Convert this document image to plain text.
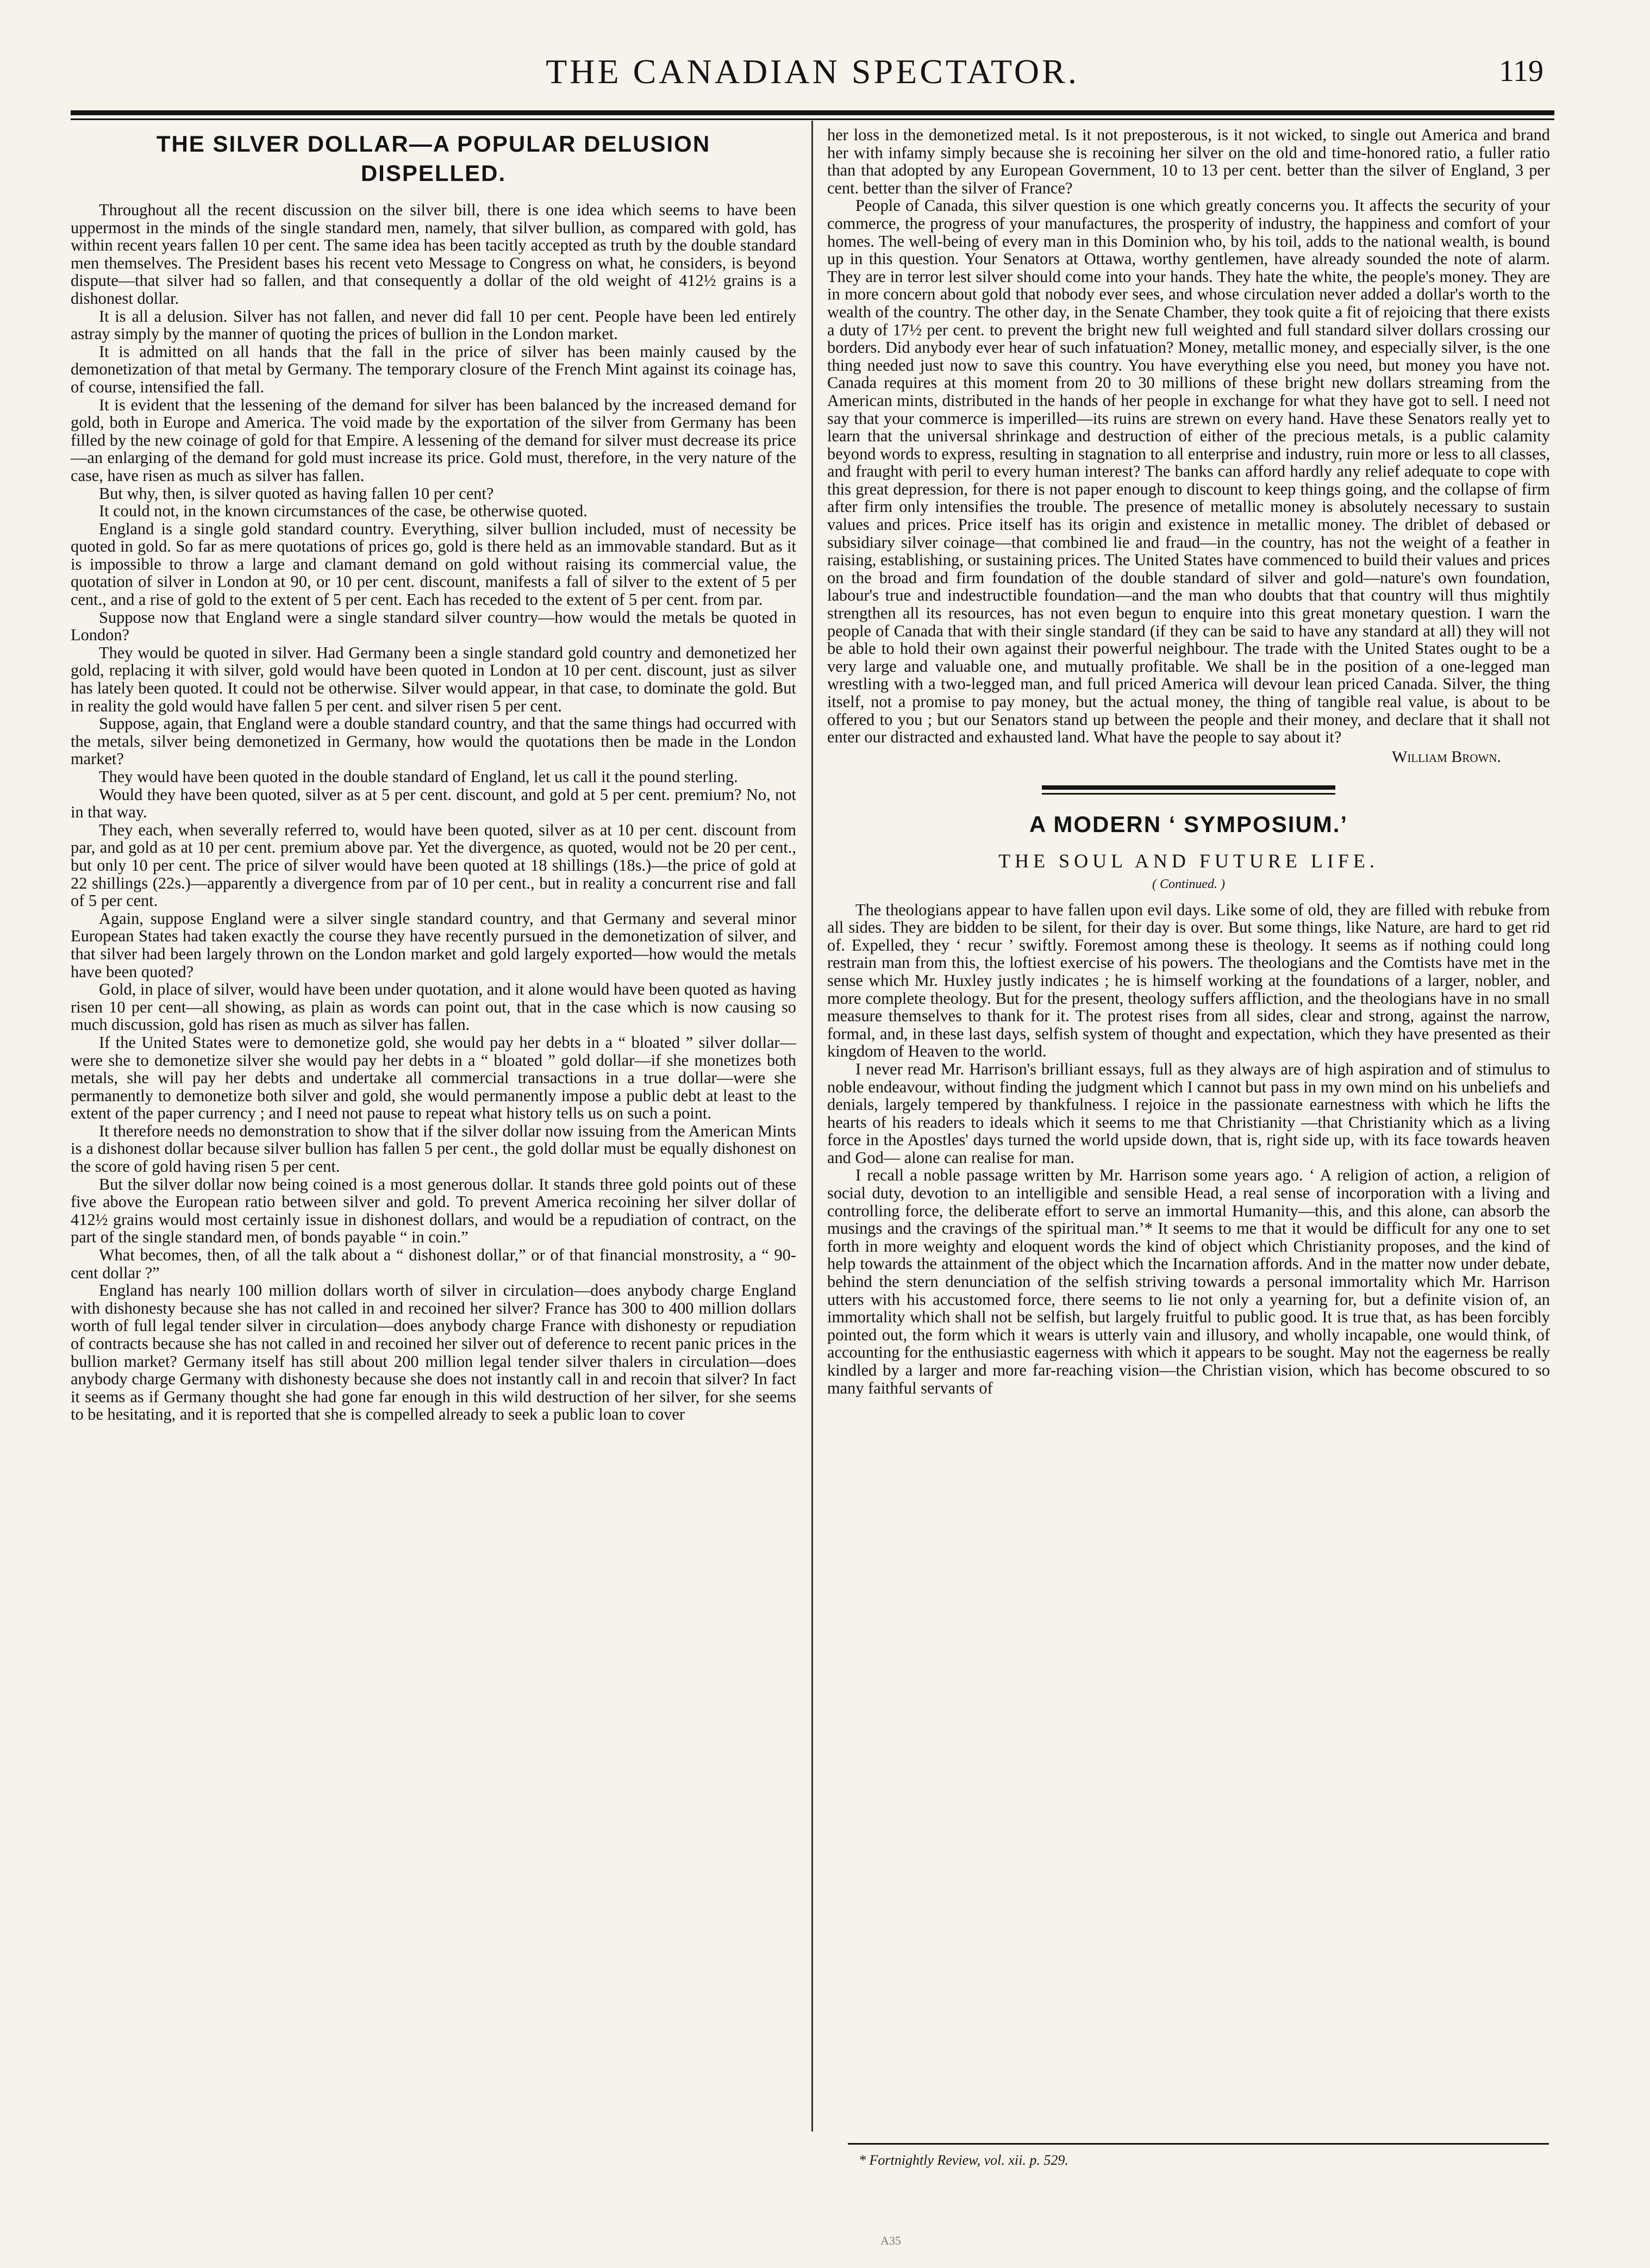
THE CANADIAN SPECTATOR.	119
THE SILVER DOLLAR—A POPULAR DELUSION DISPELLED.

Throughout all the recent discussion on the silver bill, there is one idea which seems to have been uppermost in the minds of the single standard men, namely, that silver bullion, as compared with gold, has within recent years fallen 10 per cent. The same idea has been tacitly accepted as truth by the double standard men themselves. The President bases his recent veto Message to Congress on what, he considers, is beyond dispute—that silver had so fallen, and that consequently a dollar of the old weight of 412½ grains is a dishonest dollar.

It is all a delusion. Silver has not fallen, and never did fall 10 per cent. People have been led entirely astray simply by the manner of quoting the prices of bullion in the London market.

It is admitted on all hands that the fall in the price of silver has been mainly caused by the demonetization of that metal by Germany. The temporary closure of the French Mint against its coinage has, of course, intensified the fall.

It is evident that the lessening of the demand for silver has been balanced by the increased demand for gold, both in Europe and America. The void made by the exportation of the silver from Germany has been filled by the new coinage of gold for that Empire. A lessening of the demand for silver must decrease its price—an enlarging of the demand for gold must increase its price. Gold must, therefore, in the very nature of the case, have risen as much as silver has fallen.

But why, then, is silver quoted as having fallen 10 per cent?

It could not, in the known circumstances of the case, be otherwise quoted.

England is a single gold standard country. Everything, silver bullion included, must of necessity be quoted in gold. So far as mere quotations of prices go, gold is there held as an immovable standard. But as it is impossible to throw a large and clamant demand on gold without raising its commercial value, the quotation of silver in London at 90, or 10 per cent. discount, manifests a fall of silver to the extent of 5 per cent., and a rise of gold to the extent of 5 per cent. Each has receded to the extent of 5 per cent. from par.

Suppose now that England were a single standard silver country—how would the metals be quoted in London?

They would be quoted in silver. Had Germany been a single standard gold country and demonetized her gold, replacing it with silver, gold would have been quoted in London at 10 per cent. discount, just as silver has lately been quoted. It could not be otherwise. Silver would appear, in that case, to dominate the gold. But in reality the gold would have fallen 5 per cent. and silver risen 5 per cent.

Suppose, again, that England were a double standard country, and that the same things had occurred with the metals, silver being demonetized in Germany, how would the quotations then be made in the London market?

They would have been quoted in the double standard of England, let us call it the pound sterling.

Would they have been quoted, silver as at 5 per cent. discount, and gold at 5 per cent. premium? No, not in that way.

They each, when severally referred to, would have been quoted, silver as at 10 per cent. discount from par, and gold as at 10 per cent. premium above par. Yet the divergence, as quoted, would not be 20 per cent., but only 10 per cent. The price of silver would have been quoted at 18 shillings (18s.)—the price of gold at 22 shillings (22s.)—apparently a divergence from par of 10 per cent., but in reality a concurrent rise and fall of 5 per cent.

Again, suppose England were a silver single standard country, and that Germany and several minor European States had taken exactly the course they have recently pursued in the demonetization of silver, and that silver had been largely thrown on the London market and gold largely exported—how would the metals have been quoted?

Gold, in place of silver, would have been under quotation, and it alone would have been quoted as having risen 10 per cent—all showing, as plain as words can point out, that in the case which is now causing so much discussion, gold has risen as much as silver has fallen.

If the United States were to demonetize gold, she would pay her debts in a “ bloated ” silver dollar—were she to demonetize silver she would pay her debts in a “ bloated ” gold dollar—if she monetizes both metals, she will pay her debts and undertake all commercial transactions in a true dollar—were she permanently to demonetize both silver and gold, she would permanently impose a public debt at least to the extent of the paper currency ; and I need not pause to repeat what history tells us on such a point.

It therefore needs no demonstration to show that if the silver dollar now issuing from the American Mints is a dishonest dollar because silver bullion has fallen 5 per cent., the gold dollar must be equally dishonest on the score of gold having risen 5 per cent.

But the silver dollar now being coined is a most generous dollar. It stands three gold points out of these five above the European ratio between silver and gold. To prevent America recoining her silver dollar of 412½ grains would most certainly issue in dishonest dollars, and would be a repudiation of contract, on the part of the single standard men, of bonds payable “ in coin.”

What becomes, then, of all the talk about a “ dishonest dollar,” or of that financial monstrosity, a “ 90-cent dollar ?”

England has nearly 100 million dollars worth of silver in circulation—does anybody charge England with dishonesty because she has not called in and recoined her silver? France has 300 to 400 million dollars worth of full legal tender silver in circulation—does anybody charge France with dishonesty or repudiation of contracts because she has not called in and recoined her silver out of deference to recent panic prices in the bullion market? Germany itself has still about 200 million legal tender silver thalers in circulation—does anybody charge Germany with dishonesty because she does not instantly call in and recoin that silver? In fact it seems as if Germany thought she had gone far enough in this wild destruction of her silver, for she seems to be hesitating, and it is reported that she is compelled already to seek a public loan to cover

her loss in the demonetized metal. Is it not preposterous, is it not wicked, to single out America and brand her with infamy simply because she is recoining her silver on the old and time-honored ratio, a fuller ratio than that adopted by any European Government, 10 to 13 per cent. better than the silver of England, 3 per cent. better than the silver of France?

People of Canada, this silver question is one which greatly concerns you. It affects the security of your commerce, the progress of your manufactures, the prosperity of industry, the happiness and comfort of your homes. The well-being of every man in this Dominion who, by his toil, adds to the national wealth, is bound up in this question. Your Senators at Ottawa, worthy gentlemen, have already sounded the note of alarm. They are in terror lest silver should come into your hands. They hate the white, the people's money. They are in more concern about gold that nobody ever sees, and whose circulation never added a dollar's worth to the wealth of the country. The other day, in the Senate Chamber, they took quite a fit of rejoicing that there exists a duty of 17½ per cent. to prevent the bright new full weighted and full standard silver dollars crossing our borders. Did anybody ever hear of such infatuation? Money, metallic money, and especially silver, is the one thing needed just now to save this country. You have everything else you need, but money you have not. Canada requires at this moment from 20 to 30 millions of these bright new dollars streaming from the American mints, distributed in the hands of her people in exchange for what they have got to sell. I need not say that your commerce is imperilled—its ruins are strewn on every hand. Have these Senators really yet to learn that the universal shrinkage and destruction of either of the precious metals, is a public calamity beyond words to express, resulting in stagnation to all enterprise and industry, ruin more or less to all classes, and fraught with peril to every human interest? The banks can afford hardly any relief adequate to cope with this great depression, for there is not paper enough to discount to keep things going, and the collapse of firm after firm only intensifies the trouble. The presence of metallic money is absolutely necessary to sustain values and prices. Price itself has its origin and existence in metallic money. The driblet of debased or subsidiary silver coinage—that combined lie and fraud—in the country, has not the weight of a feather in raising, establishing, or sustaining prices. The United States have commenced to build their values and prices on the broad and firm foundation of the double standard of silver and gold—nature's own foundation, labour's true and indestructible foundation—and the man who doubts that that country will thus mightily strengthen all its resources, has not even begun to enquire into this great monetary question. I warn the people of Canada that with their single standard (if they can be said to have any standard at all) they will not be able to hold their own against their powerful neighbour. The trade with the United States ought to be a very large and valuable one, and mutually profitable. We shall be in the position of a one-legged man wrestling with a two-legged man, and full priced America will devour lean priced Canada. Silver, the thing itself, not a promise to pay money, but the actual money, the thing of tangible real value, is about to be offered to you ; but our Senators stand up between the people and their money, and declare that it shall not enter our distracted and exhausted land. What have the people to say about it?

William Brown.
A MODERN ‘ SYMPOSIUM.’
THE SOUL AND FUTURE LIFE.
( Continued. )

The theologians appear to have fallen upon evil days. Like some of old, they are filled with rebuke from all sides. They are bidden to be silent, for their day is over. But some things, like Nature, are hard to get rid of. Expelled, they ‘ recur ’ swiftly. Foremost among these is theology. It seems as if nothing could long restrain man from this, the loftiest exercise of his powers. The theologians and the Comtists have met in the sense which Mr. Huxley justly indicates ; he is himself working at the foundations of a larger, nobler, and more complete theology. But for the present, theology suffers affliction, and the theologians have in no small measure themselves to thank for it. The protest rises from all sides, clear and strong, against the narrow, formal, and, in these last days, selfish system of thought and expectation, which they have presented as their kingdom of Heaven to the world.

I never read Mr. Harrison's brilliant essays, full as they always are of high aspiration and of stimulus to noble endeavour, without finding the judgment which I cannot but pass in my own mind on his unbeliefs and denials, largely tempered by thankfulness. I rejoice in the passionate earnestness with which he lifts the hearts of his readers to ideals which it seems to me that Christianity —that Christianity which as a living force in the Apostles' days turned the world upside down, that is, right side up, with its face towards heaven and God— alone can realise for man.

I recall a noble passage written by Mr. Harrison some years ago. ‘ A religion of action, a religion of social duty, devotion to an intelligible and sensible Head, a real sense of incorporation with a living and controlling force, the deliberate effort to serve an immortal Humanity—this, and this alone, can absorb the musings and the cravings of the spiritual man.’* It seems to me that it would be difficult for any one to set forth in more weighty and eloquent words the kind of object which Christianity proposes, and the kind of help towards the attainment of the object which the Incarnation affords. And in the matter now under debate, behind the stern denunciation of the selfish striving towards a personal immortality which Mr. Harrison utters with his accustomed force, there seems to lie not only a yearning for, but a definite vision of, an immortality which shall not be selfish, but largely fruitful to public good. It is true that, as has been forcibly pointed out, the form which it wears is utterly vain and illusory, and wholly incapable, one would think, of accounting for the enthusiastic eagerness with which it appears to be sought. May not the eagerness be really kindled by a larger and more far-reaching vision—the Christian vision, which has become obscured to so many faithful servants of

* Fortnightly Review, vol. xii. p. 529.
A35
